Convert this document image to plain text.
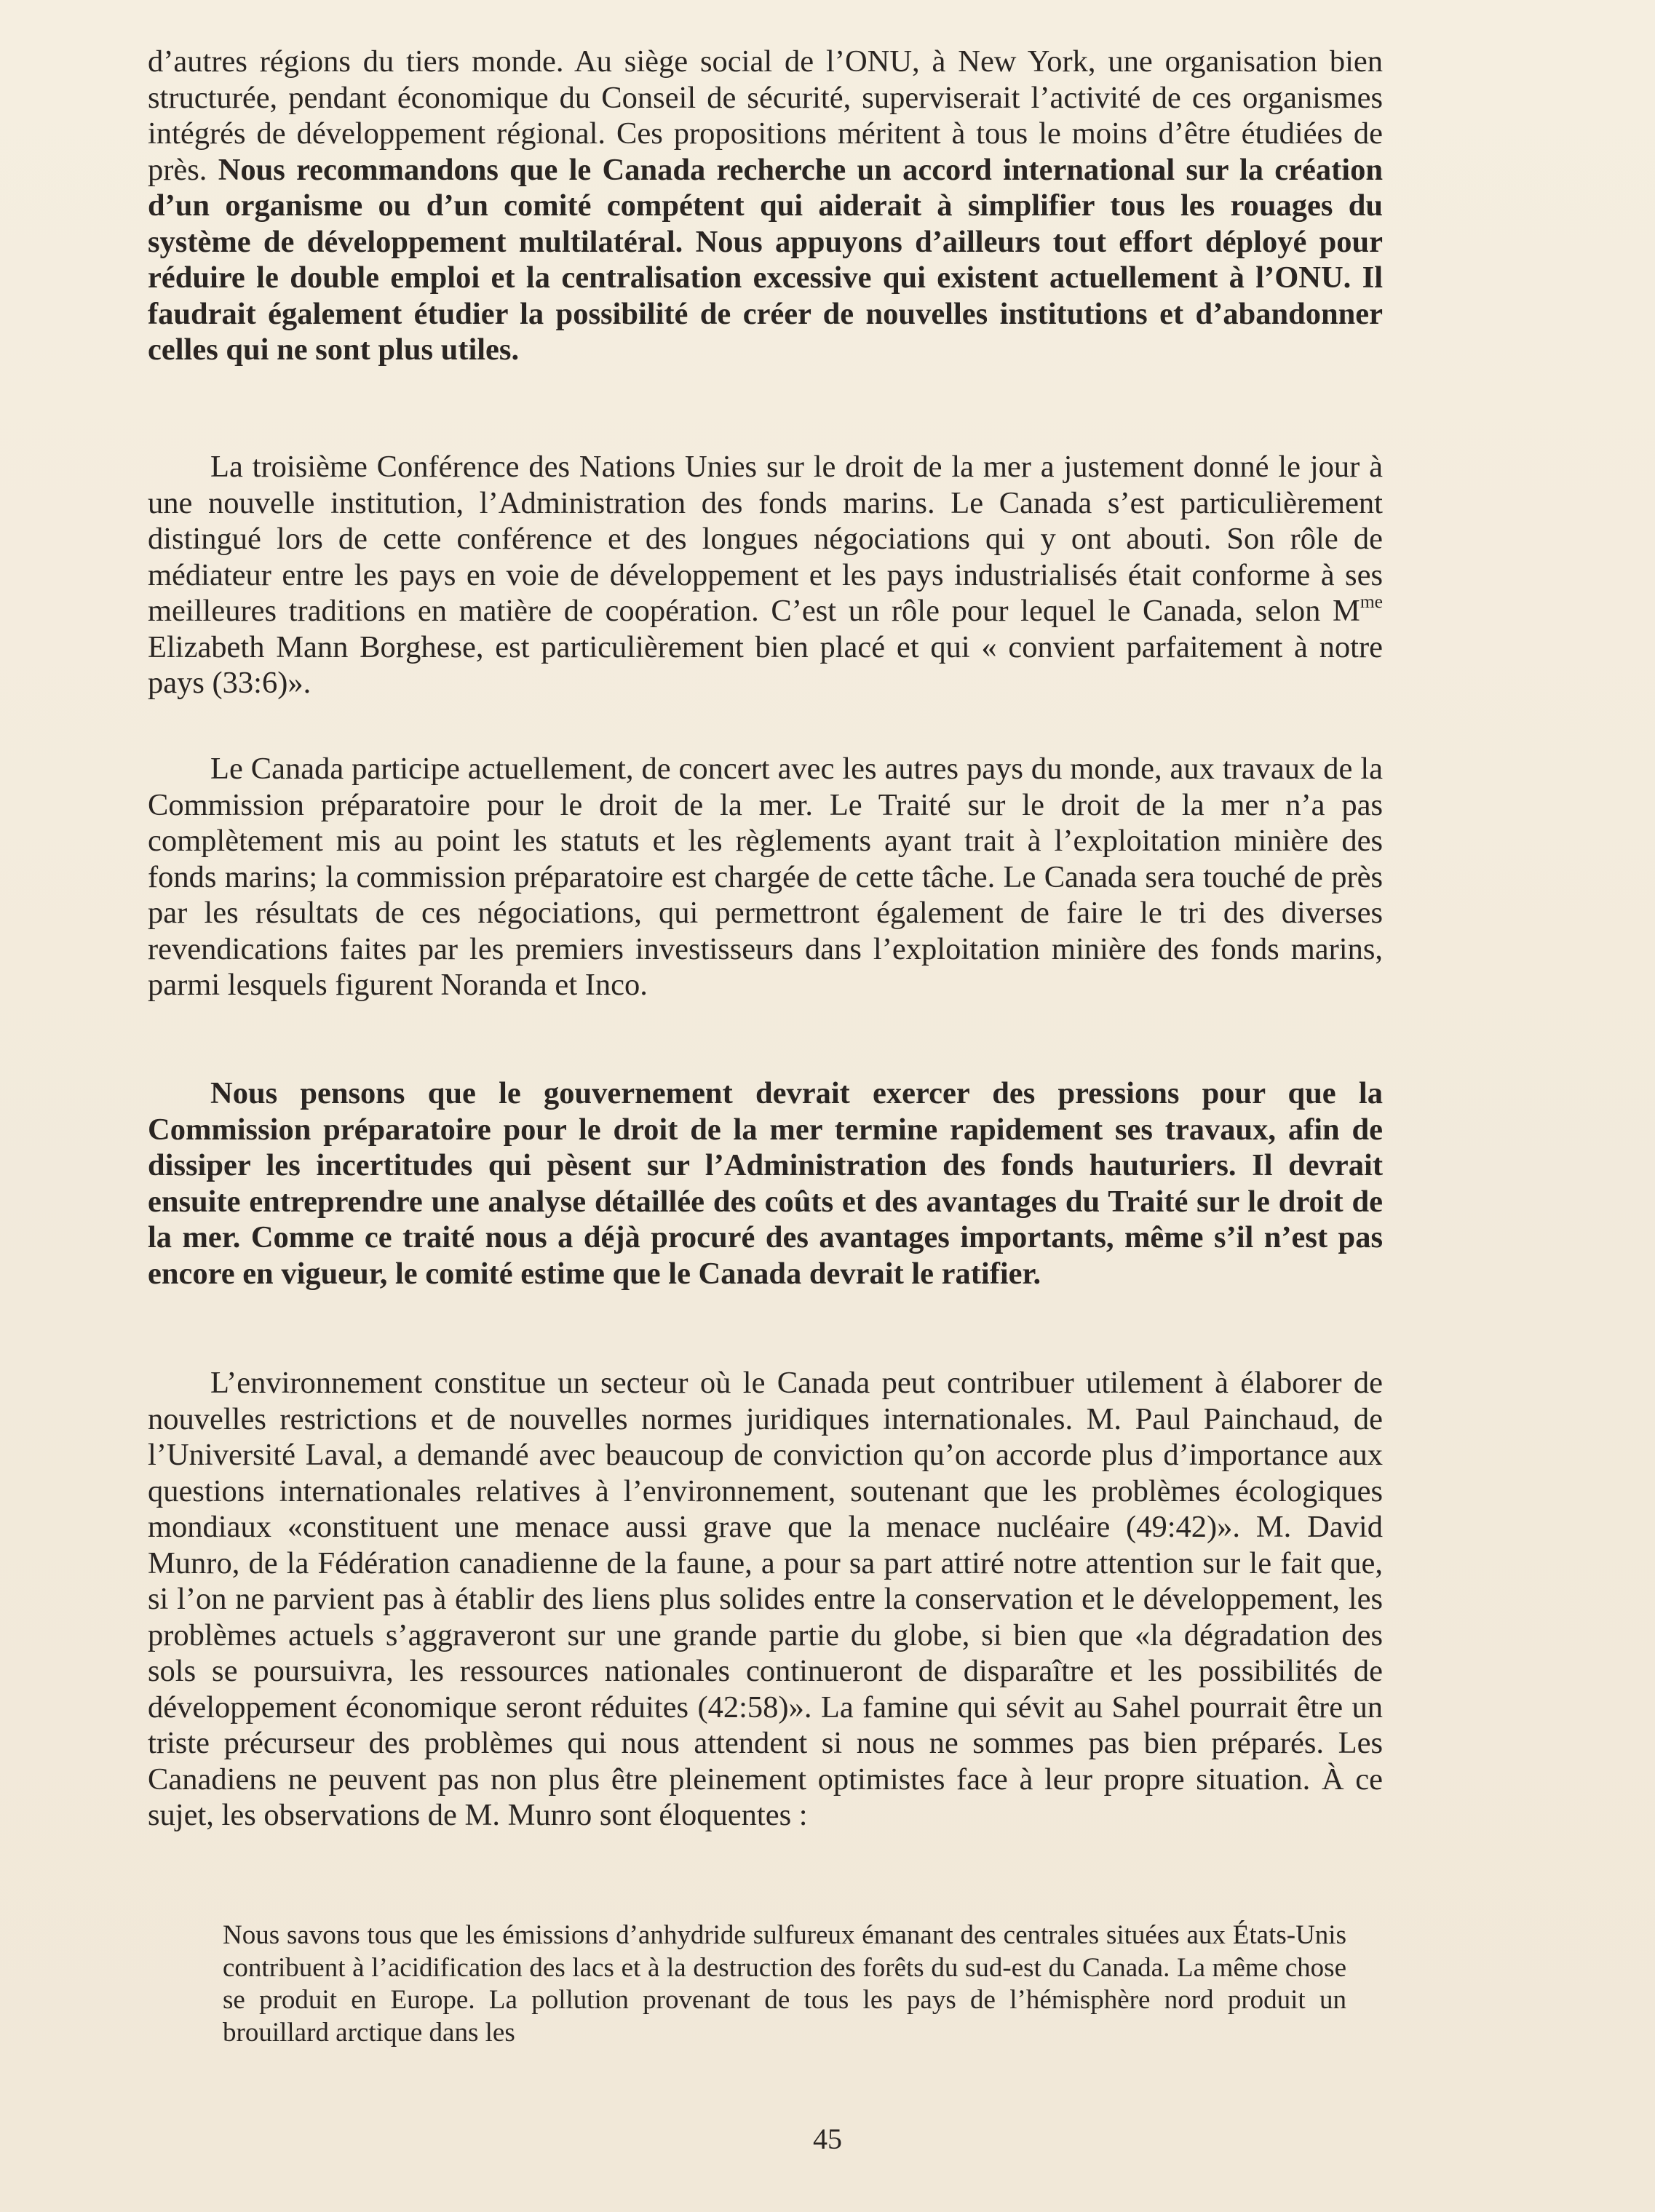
d’autres régions du tiers monde. Au siège social de l’ONU, à New York, une organisation bien structurée, pendant économique du Conseil de sécurité, superviserait l’activité de ces organismes intégrés de développement régional. Ces propositions méritent à tous le moins d’être étudiées de près. Nous recommandons que le Canada recherche un accord international sur la création d’un organisme ou d’un comité compétent qui aiderait à simplifier tous les rouages du système de développement multilatéral. Nous appuyons d’ailleurs tout effort déployé pour réduire le double emploi et la centralisation excessive qui existent actuellement à l’ONU. Il faudrait également étudier la possibilité de créer de nouvelles institutions et d’abandonner celles qui ne sont plus utiles.

La troisième Conférence des Nations Unies sur le droit de la mer a justement donné le jour à une nouvelle institution, l’Administration des fonds marins. Le Canada s’est particulièrement distingué lors de cette conférence et des longues négociations qui y ont abouti. Son rôle de médiateur entre les pays en voie de développement et les pays industrialisés était conforme à ses meilleures traditions en matière de coopération. C’est un rôle pour lequel le Canada, selon $M^{me}$ Elizabeth Mann Borghese, est particulièrement bien placé et qui « convient parfaitement à notre pays (33:6)».

Le Canada participe actuellement, de concert avec les autres pays du monde, aux travaux de la Commission préparatoire pour le droit de la mer. Le Traité sur le droit de la mer n’a pas complètement mis au point les statuts et les règlements ayant trait à l’exploitation minière des fonds marins; la commission préparatoire est chargée de cette tâche. Le Canada sera touché de près par les résultats de ces négociations, qui permettront également de faire le tri des diverses revendications faites par les premiers investisseurs dans l’exploitation minière des fonds marins, parmi lesquels figurent Noranda et Inco.

Nous pensons que le gouvernement devrait exercer des pressions pour que la Commission préparatoire pour le droit de la mer termine rapidement ses travaux, afin de dissiper les incertitudes qui pèsent sur l’Administration des fonds hauturiers. Il devrait ensuite entreprendre une analyse détaillée des coûts et des avantages du Traité sur le droit de la mer. Comme ce traité nous a déjà procuré des avantages importants, même s’il n’est pas encore en vigueur, le comité estime que le Canada devrait le ratifier.

L’environnement constitue un secteur où le Canada peut contribuer utilement à élaborer de nouvelles restrictions et de nouvelles normes juridiques internationales. M. Paul Painchaud, de l’Université Laval, a demandé avec beaucoup de conviction qu’on accorde plus d’importance aux questions internationales relatives à l’environnement, soutenant que les problèmes écologiques mondiaux «constituent une menace aussi grave que la menace nucléaire (49:42)». M. David Munro, de la Fédération canadienne de la faune, a pour sa part attiré notre attention sur le fait que, si l’on ne parvient pas à établir des liens plus solides entre la conservation et le développement, les problèmes actuels s’aggraveront sur une grande partie du globe, si bien que «la dégradation des sols se poursuivra, les ressources nationales continueront de disparaître et les possibilités de développement économique seront réduites (42:58)». La famine qui sévit au Sahel pourrait être un triste précurseur des problèmes qui nous attendent si nous ne sommes pas bien préparés. Les Canadiens ne peuvent pas non plus être pleinement optimistes face à leur propre situation. À ce sujet, les observations de M. Munro sont éloquentes :

Nous savons tous que les émissions d’anhydride sulfureux émanant des centrales situées aux États-Unis contribuent à l’acidification des lacs et à la destruction des forêts du sud-est du Canada. La même chose se produit en Europe. La pollution provenant de tous les pays de l’hémisphère nord produit un brouillard arctique dans les

45
